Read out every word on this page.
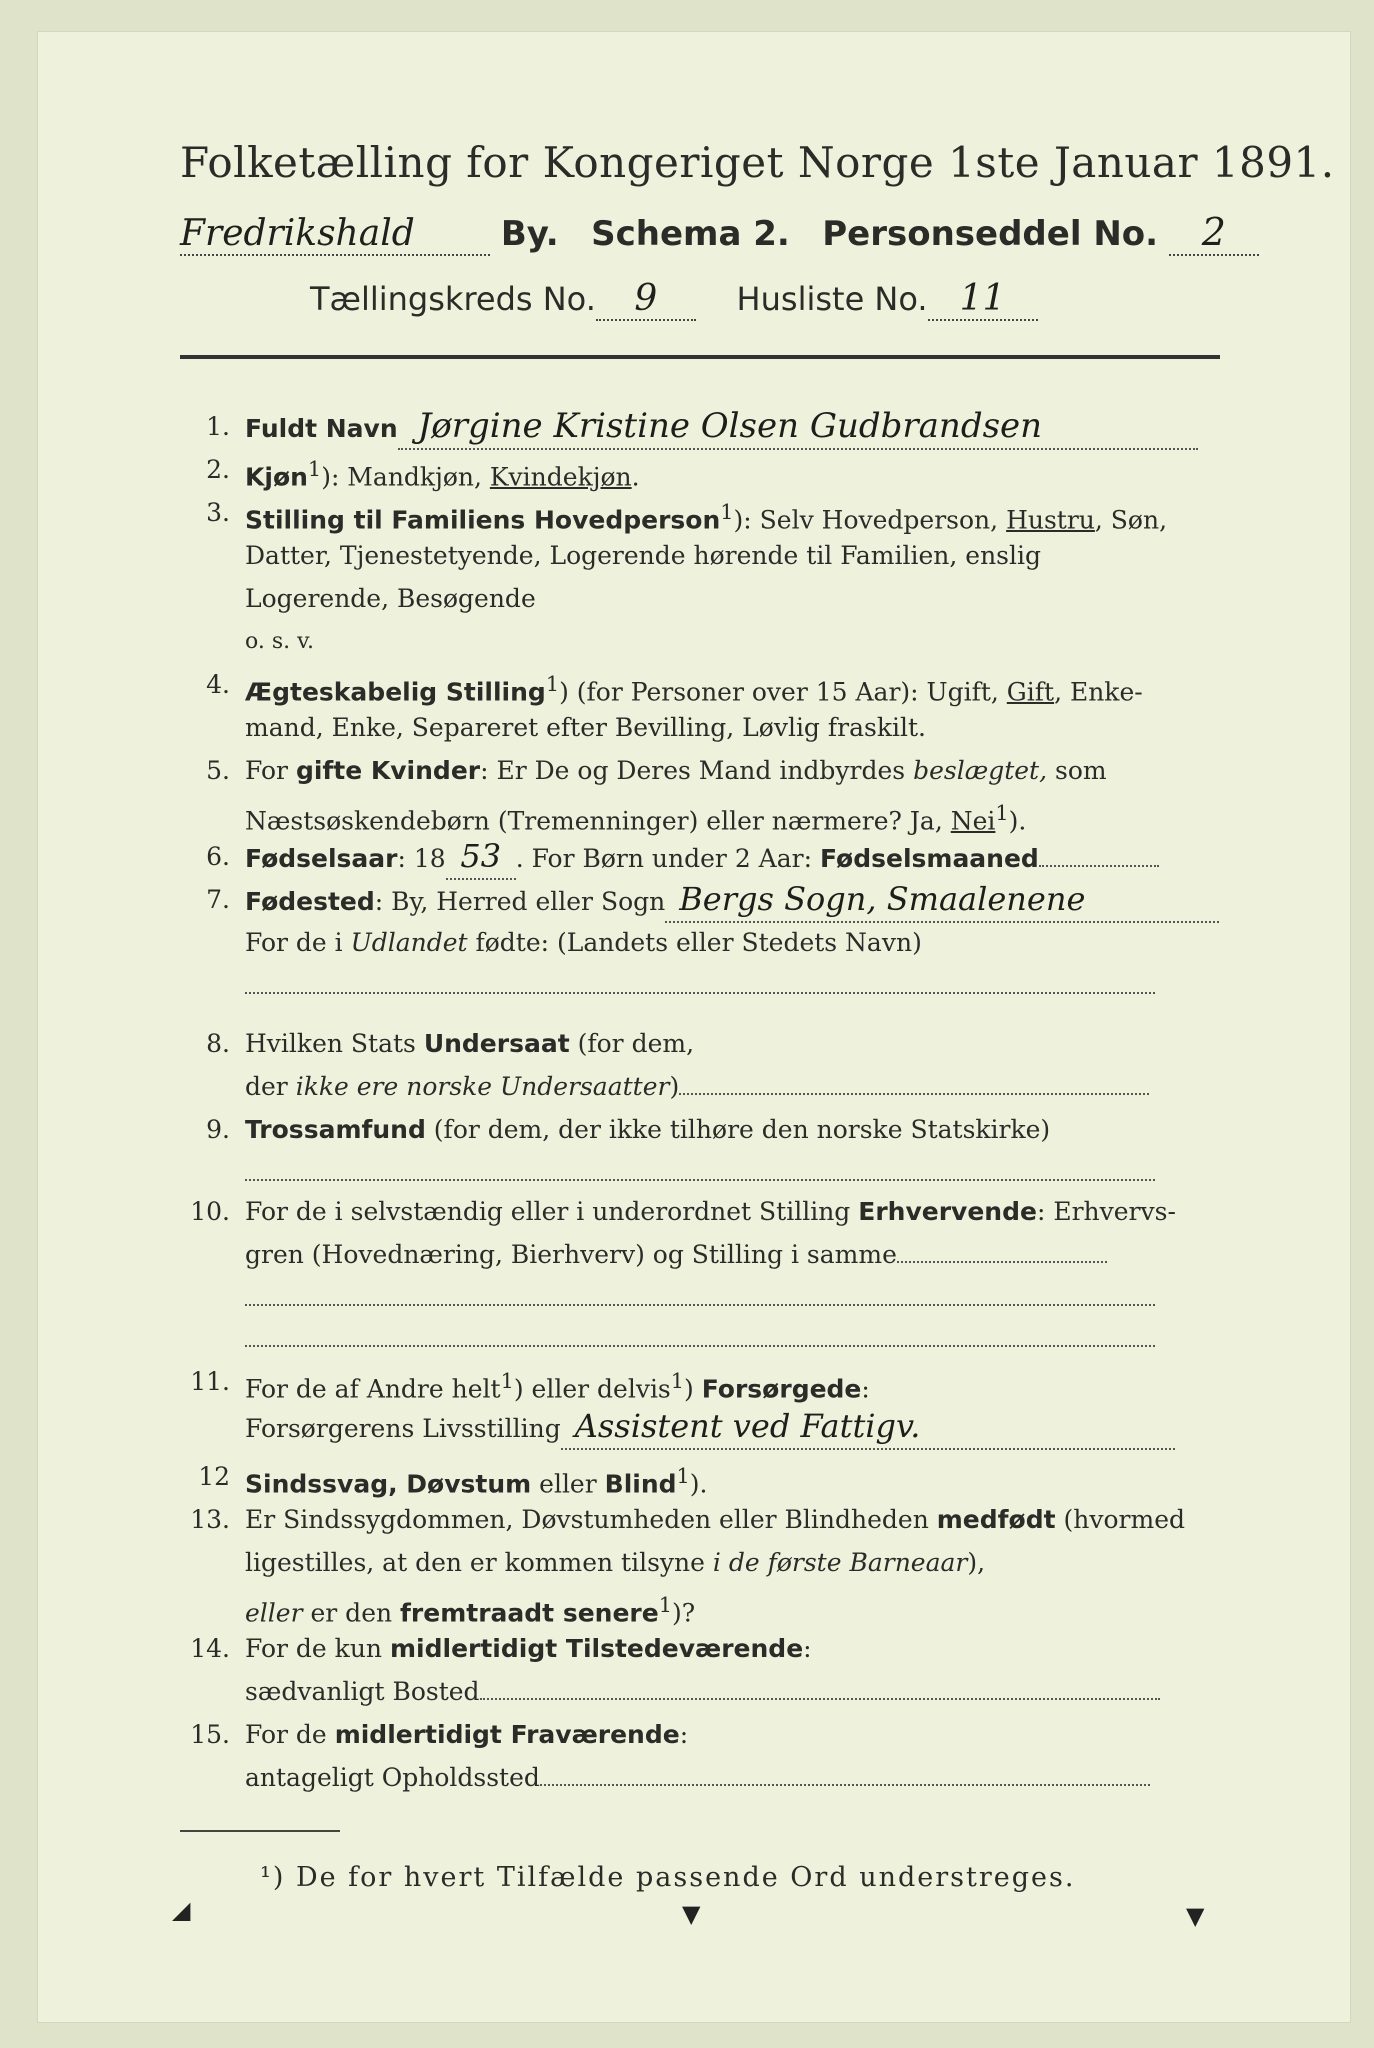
Folketælling for Kongeriget Norge 1ste Januar 1891.
Fredrikshald	By. Schema 2. Personseddel No. 2
Tællingskreds No. 9 Husliste No. 11
1. Fuldt Navn Jørgine Kristine Olsen Gudbrandsen
2. Kjøn$^1$): Mandkjøn, Kvindekjøn.
3. Stilling til Familiens Hovedperson$^1$): Selv Hovedperson, Hustru, Søn,
Datter, Tjenestetyende, Logerende hørende til Familien, enslig
Logerende, Besøgende
o. s. v.
4. Ægteskabelig Stilling$^1$) (for Personer over 15 Aar): Ugift, Gift, Enke-
mand, Enke, Separeret efter Bevilling, Løvlig fraskilt.
5. For gifte Kvinder: Er De og Deres Mand indbyrdes beslægtet, som
Næstsøskendebørn (Tremenninger) eller nærmere? Ja, Nei$^1$).
6. Fødselsaar: 18 53 . For Børn under 2 Aar: Fødselsmaaned
7. Fødested: By, Herred eller Sogn Bergs Sogn, Smaalenene
For de i Udlandet fødte: (Landets eller Stedets Navn)
8. Hvilken Stats Undersaat (for dem,
der ikke ere norske Undersaatter)
9. Trossamfund (for dem, der ikke tilhøre den norske Statskirke)
10. For de i selvstændig eller i underordnet Stilling Erhvervende: Erhvervs-
gren (Hovednæring, Bierhverv) og Stilling i samme
11. For de af Andre helt$^1$) eller delvis$^1$) Forsørgede:
Forsørgerens Livsstilling Assistent ved Fattigv.
12 Sindssvag, Døvstum eller Blind$^1$).
13. Er Sindssygdommen, Døvstumheden eller Blindheden medfødt (hvormed
ligestilles, at den er kommen tilsyne i de første Barneaar),
eller er den fremtraadt senere$^1$)?
14. For de kun midlertidigt Tilstedeværende:
sædvanligt Bosted
15. For de midlertidigt Fraværende:
antageligt Opholdssted
¹) De for hvert Tilfælde passende Ord understreges.
◢	▼	▼
